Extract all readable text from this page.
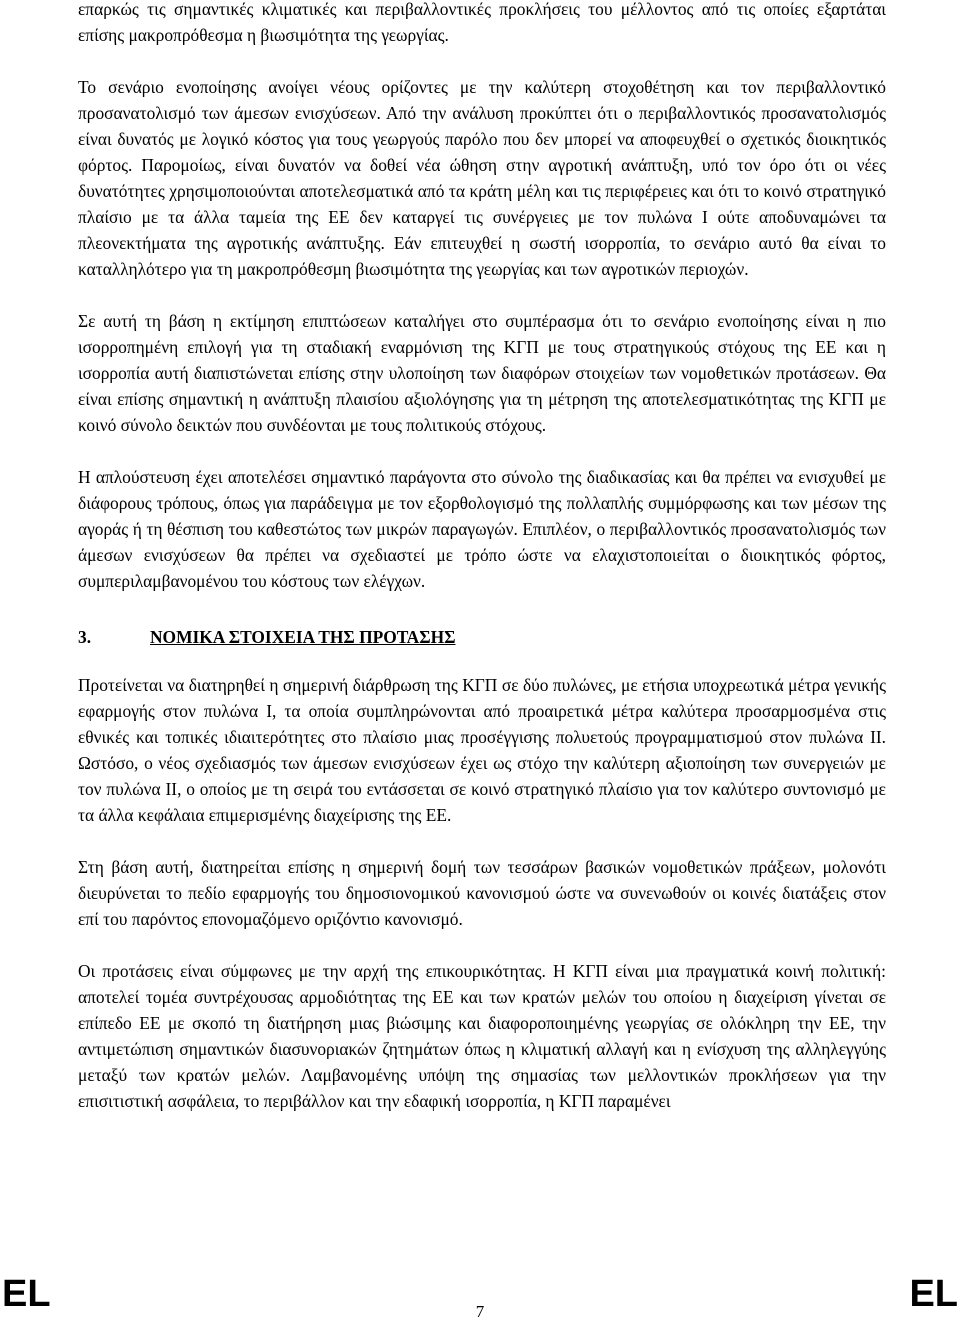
επαρκώς τις σημαντικές κλιματικές και περιβαλλοντικές προκλήσεις του μέλλοντος από τις οποίες εξαρτάται επίσης μακροπρόθεσμα η βιωσιμότητα της γεωργίας.

Το σενάριο ενοποίησης ανοίγει νέους ορίζοντες με την καλύτερη στοχοθέτηση και τον περιβαλλοντικό προσανατολισμό των άμεσων ενισχύσεων. Από την ανάλυση προκύπτει ότι ο περιβαλλοντικός προσανατολισμός είναι δυνατός με λογικό κόστος για τους γεωργούς παρόλο που δεν μπορεί να αποφευχθεί ο σχετικός διοικητικός φόρτος. Παρομοίως, είναι δυνατόν να δοθεί νέα ώθηση στην αγροτική ανάπτυξη, υπό τον όρο ότι οι νέες δυνατότητες χρησιμοποιούνται αποτελεσματικά από τα κράτη μέλη και τις περιφέρειες και ότι το κοινό στρατηγικό πλαίσιο με τα άλλα ταμεία της ΕΕ δεν καταργεί τις συνέργειες με τον πυλώνα Ι ούτε αποδυναμώνει τα πλεονεκτήματα της αγροτικής ανάπτυξης. Εάν επιτευχθεί η σωστή ισορροπία, το σενάριο αυτό θα είναι το καταλληλότερο για τη μακροπρόθεσμη βιωσιμότητα της γεωργίας και των αγροτικών περιοχών.

Σε αυτή τη βάση η εκτίμηση επιπτώσεων καταλήγει στο συμπέρασμα ότι το σενάριο ενοποίησης είναι η πιο ισορροπημένη επιλογή για τη σταδιακή εναρμόνιση της ΚΓΠ με τους στρατηγικούς στόχους της ΕΕ και η ισορροπία αυτή διαπιστώνεται επίσης στην υλοποίηση των διαφόρων στοιχείων των νομοθετικών προτάσεων. Θα είναι επίσης σημαντική η ανάπτυξη πλαισίου αξιολόγησης για τη μέτρηση της αποτελεσματικότητας της ΚΓΠ με κοινό σύνολο δεικτών που συνδέονται με τους πολιτικούς στόχους.

Η απλούστευση έχει αποτελέσει σημαντικό παράγοντα στο σύνολο της διαδικασίας και θα πρέπει να ενισχυθεί με διάφορους τρόπους, όπως για παράδειγμα με τον εξορθολογισμό της πολλαπλής συμμόρφωσης και των μέσων της αγοράς ή τη θέσπιση του καθεστώτος των μικρών παραγωγών. Επιπλέον, ο περιβαλλοντικός προσανατολισμός των άμεσων ενισχύσεων θα πρέπει να σχεδιαστεί με τρόπο ώστε να ελαχιστοποιείται ο διοικητικός φόρτος, συμπεριλαμβανομένου του κόστους των ελέγχων.

3.	ΝΟΜΙΚΑ ΣΤΟΙΧΕΙΑ ΤΗΣ ΠΡΟΤΑΣΗΣ

Προτείνεται να διατηρηθεί η σημερινή διάρθρωση της ΚΓΠ σε δύο πυλώνες, με ετήσια υποχρεωτικά μέτρα γενικής εφαρμογής στον πυλώνα Ι, τα οποία συμπληρώνονται από προαιρετικά μέτρα καλύτερα προσαρμοσμένα στις εθνικές και τοπικές ιδιαιτερότητες στο πλαίσιο μιας προσέγγισης πολυετούς προγραμματισμού στον πυλώνα ΙΙ. Ωστόσο, ο νέος σχεδιασμός των άμεσων ενισχύσεων έχει ως στόχο την καλύτερη αξιοποίηση των συνεργειών με τον πυλώνα ΙΙ, ο οποίος με τη σειρά του εντάσσεται σε κοινό στρατηγικό πλαίσιο για τον καλύτερο συντονισμό με τα άλλα κεφάλαια επιμερισμένης διαχείρισης της ΕΕ.

Στη βάση αυτή, διατηρείται επίσης η σημερινή δομή των τεσσάρων βασικών νομοθετικών πράξεων, μολονότι διευρύνεται το πεδίο εφαρμογής του δημοσιονομικού κανονισμού ώστε να συνενωθούν οι κοινές διατάξεις στον επί του παρόντος επονομαζόμενο οριζόντιο κανονισμό.

Οι προτάσεις είναι σύμφωνες με την αρχή της επικουρικότητας. Η ΚΓΠ είναι μια πραγματικά κοινή πολιτική: αποτελεί τομέα συντρέχουσας αρμοδιότητας της ΕΕ και των κρατών μελών του οποίου η διαχείριση γίνεται σε επίπεδο ΕΕ με σκοπό τη διατήρηση μιας βιώσιμης και διαφοροποιημένης γεωργίας σε ολόκληρη την ΕΕ, την αντιμετώπιση σημαντικών διασυνοριακών ζητημάτων όπως η κλιματική αλλαγή και η ενίσχυση της αλληλεγγύης μεταξύ των κρατών μελών. Λαμβανομένης υπόψη της σημασίας των μελλοντικών προκλήσεων για την επισιτιστική ασφάλεια, το περιβάλλον και την εδαφική ισορροπία, η ΚΓΠ παραμένει

EL	7	EL
